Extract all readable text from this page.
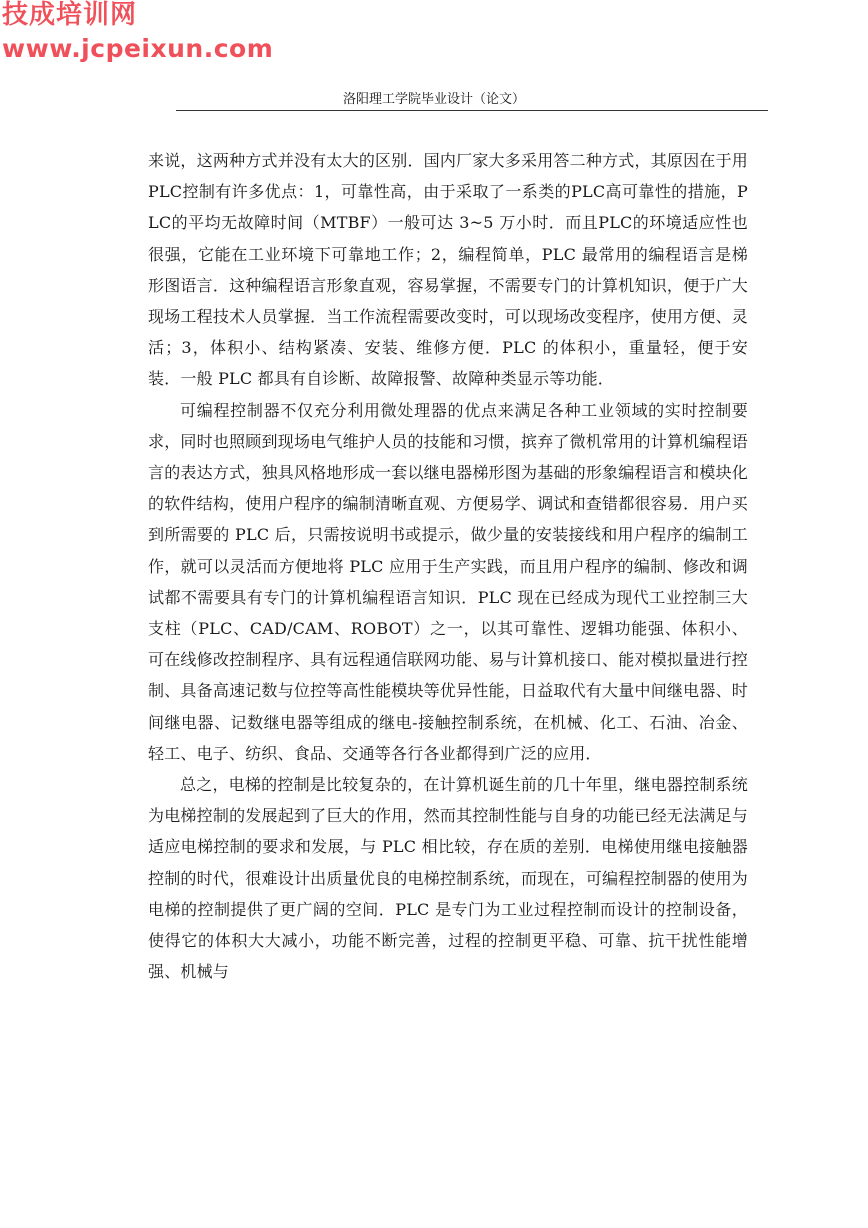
技成培训网
www.jcpeixun.com
洛阳理工学院毕业设计（论文）

来说，这两种方式并没有太大的区别．国内厂家大多采用答二种方式，其原因在于用PLC控制有许多优点：1，可靠性高，由于采取了一系类的PLC高可靠性的措施，PLC的平均无故障时间（MTBF）一般可达 3~5 万小时．而且PLC的环境适应性也很强，它能在工业环境下可靠地工作；2，编程简单，PLC 最常用的编程语言是梯形图语言．这种编程语言形象直观，容易掌握，不需要专门的计算机知识，便于广大现场工程技术人员掌握．当工作流程需要改变时，可以现场改变程序，使用方便、灵活；3，体积小、结构紧凑、安装、维修方便．PLC 的体积小，重量轻，便于安装．一般 PLC 都具有自诊断、故障报警、故障种类显示等功能．

可编程控制器不仅充分利用微处理器的优点来满足各种工业领域的实时控制要求，同时也照顾到现场电气维护人员的技能和习惯，摈弃了微机常用的计算机编程语言的表达方式，独具风格地形成一套以继电器梯形图为基础的形象编程语言和模块化的软件结构，使用户程序的编制清晰直观、方便易学、调试和查错都很容易．用户买到所需要的 PLC 后，只需按说明书或提示，做少量的安装接线和用户程序的编制工作，就可以灵活而方便地将 PLC 应用于生产实践，而且用户程序的编制、修改和调试都不需要具有专门的计算机编程语言知识．PLC 现在已经成为现代工业控制三大支柱（PLC、CAD/CAM、ROBOT）之一，以其可靠性、逻辑功能强、体积小、可在线修改控制程序、具有远程通信联网功能、易与计算机接口、能对模拟量进行控制、具备高速记数与位控等高性能模块等优异性能，日益取代有大量中间继电器、时间继电器、记数继电器等组成的继电-接触控制系统，在机械、化工、石油、冶金、轻工、电子、纺织、食品、交通等各行各业都得到广泛的应用．

总之，电梯的控制是比较复杂的，在计算机诞生前的几十年里，继电器控制系统为电梯控制的发展起到了巨大的作用，然而其控制性能与自身的功能已经无法满足与适应电梯控制的要求和发展，与 PLC 相比较，存在质的差别．电梯使用继电接触器控制的时代，很难设计出质量优良的电梯控制系统，而现在，可编程控制器的使用为电梯的控制提供了更广阔的空间．PLC 是专门为工业过程控制而设计的控制设备，使得它的体积大大减小，功能不断完善，过程的控制更平稳、可靠、抗干扰性能增强、机械与
